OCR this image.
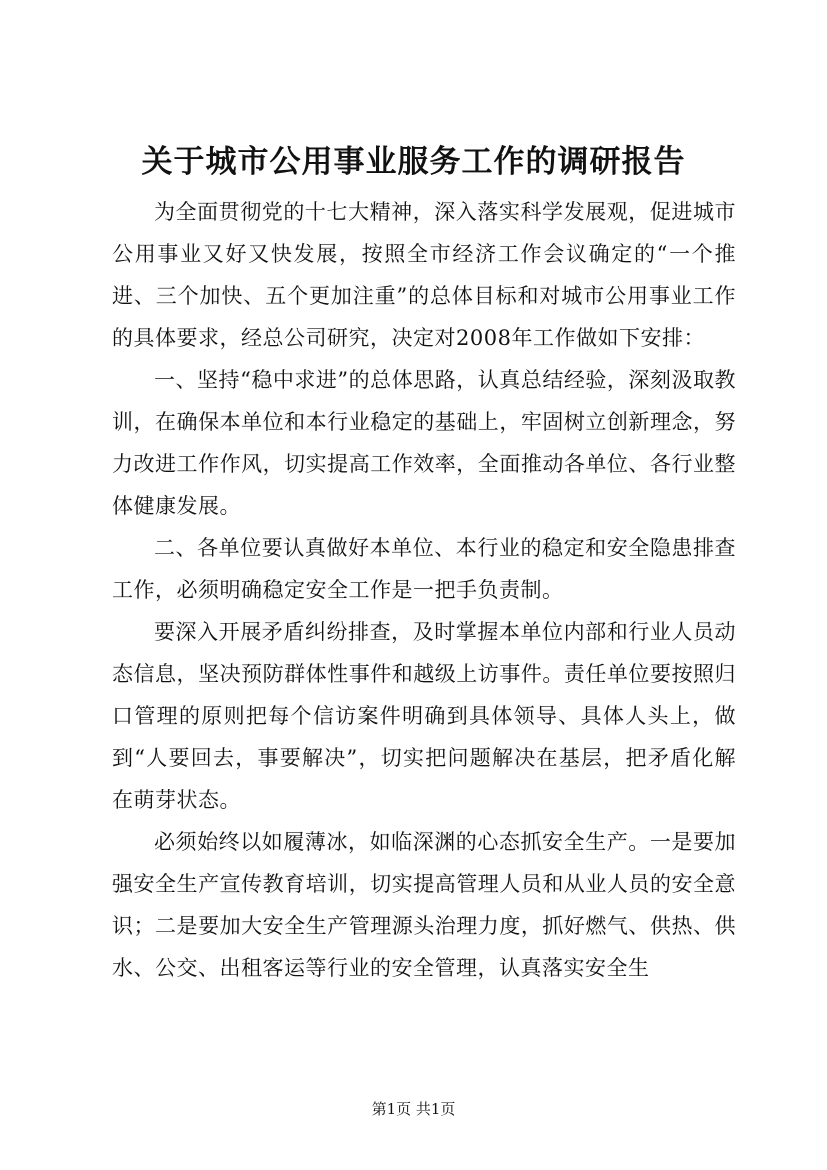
关于城市公用事业服务工作的调研报告

为全面贯彻党的十七大精神，深入落实科学发展观，促进城市公用事业又好又快发展，按照全市经济工作会议确定的“一个推进、三个加快、五个更加注重”的总体目标和对城市公用事业工作的具体要求，经总公司研究，决定对2008年工作做如下安排：

一、坚持“稳中求进”的总体思路，认真总结经验，深刻汲取教训，在确保本单位和本行业稳定的基础上，牢固树立创新理念，努力改进工作作风，切实提高工作效率，全面推动各单位、各行业整体健康发展。

二、各单位要认真做好本单位、本行业的稳定和安全隐患排查工作，必须明确稳定安全工作是一把手负责制。

要深入开展矛盾纠纷排查，及时掌握本单位内部和行业人员动态信息，坚决预防群体性事件和越级上访事件。责任单位要按照归口管理的原则把每个信访案件明确到具体领导、具体人头上，做到“人要回去，事要解决”，切实把问题解决在基层，把矛盾化解在萌芽状态。

必须始终以如履薄冰，如临深渊的心态抓安全生产。一是要加强安全生产宣传教育培训，切实提高管理人员和从业人员的安全意识；二是要加大安全生产管理源头治理力度，抓好燃气、供热、供水、公交、出租客运等行业的安全管理，认真落实安全生

第1页 共1页
